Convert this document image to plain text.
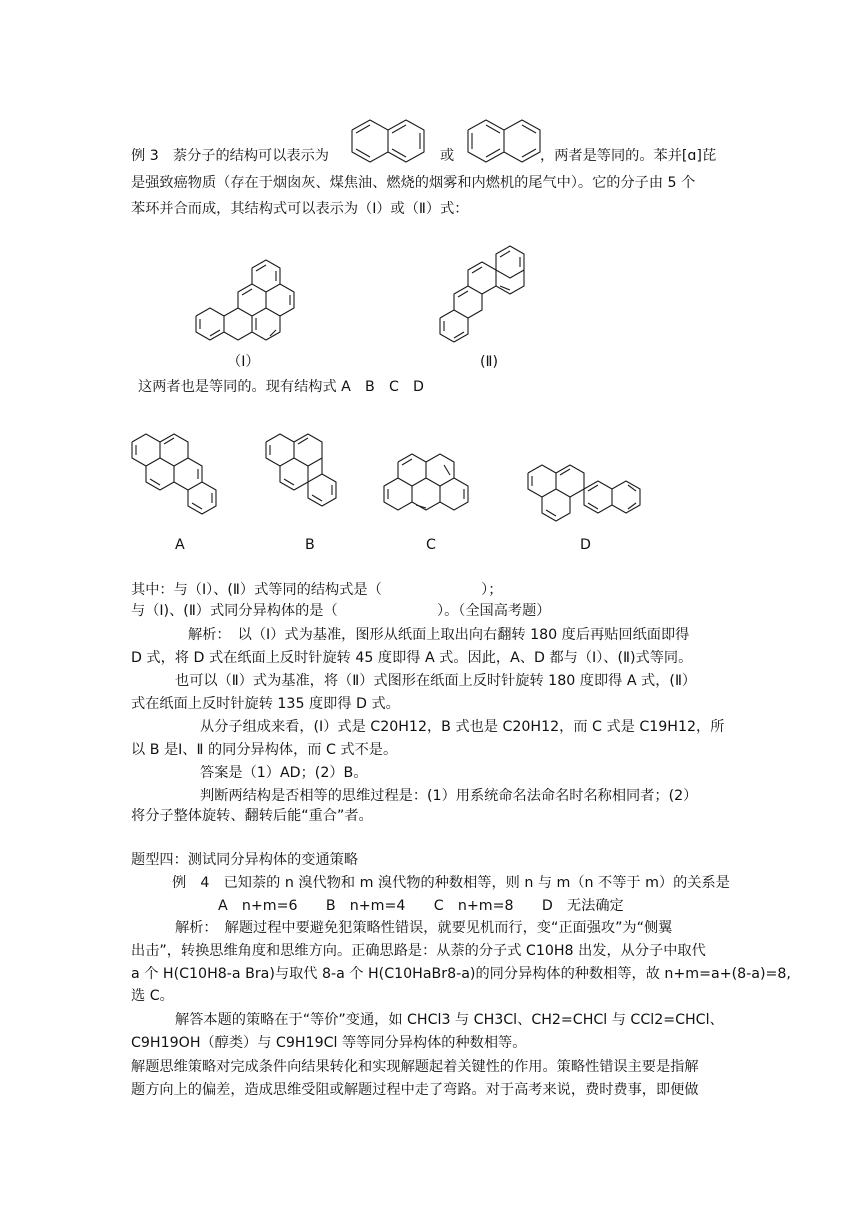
例 3　萘分子的结构可以表示为	或	，两者是等同的。苯并[ɑ]芘
是强致癌物质（存在于烟囱灰、煤焦油、燃烧的烟雾和内燃机的尾气中）。它的分子由 5 个
苯环并合而成，其结构式可以表示为（Ⅰ）或（Ⅱ）式：
（Ⅰ）	(Ⅱ)
这两者也是等同的。现有结构式 A　B　C　D
A	B	C	D
其中：与（Ⅰ）、(Ⅱ）式等同的结构式是（　　　　　　　）；
与（Ⅰ)、(Ⅱ）式同分异构体的是（　　　　　　　）。（全国高考题）
解析：　以（Ⅰ）式为基准，图形从纸面上取出向右翻转 180 度后再贴回纸面即得
D 式，将 D 式在纸面上反时针旋转 45 度即得 A 式。因此，A、D 都与（Ⅰ）、(Ⅱ)式等同。
也可以（Ⅱ）式为基准，将（Ⅱ）式图形在纸面上反时针旋转 180 度即得 A 式，(Ⅱ）
式在纸面上反时针旋转 135 度即得 D 式。
从分子组成来看，(Ⅰ）式是 C20H12，B 式也是 C20H12，而 C 式是 C19H12，所
以 B 是Ⅰ、Ⅱ 的同分异构体，而 C 式不是。
答案是（1）AD；(2）B。
判断两结构是否相等的思维过程是：(1）用系统命名法命名时名称相同者；(2）
将分子整体旋转、翻转后能“重合”者。
题型四：测试同分异构体的变通策略
例　4　已知萘的 n 溴代物和 m 溴代物的种数相等，则 n 与 m（n 不等于 m）的关系是
A　n+m=6　　B　n+m=4　　C　n+m=8　　D　无法确定
解析：　解题过程中要避免犯策略性错误，就要见机而行，变“正面强攻”为“侧翼
出击”，转换思维角度和思维方向。正确思路是：从萘的分子式 C10H8 出发，从分子中取代
a 个 H(C10H8-a Bra)与取代 8-a 个 H(C10HaBr8-a)的同分异构体的种数相等，故 n+m=a+(8-a)=8,
选 C。
解答本题的策略在于“等价”变通，如 CHCl3 与 CH3Cl、CH2=CHCl 与 CCl2=CHCl、
C9H19OH（醇类）与 C9H19Cl 等等同分异构体的种数相等。
解题思维策略对完成条件向结果转化和实现解题起着关键性的作用。策略性错误主要是指解
题方向上的偏差，造成思维受阻或解题过程中走了弯路。对于高考来说，费时费事，即便做
